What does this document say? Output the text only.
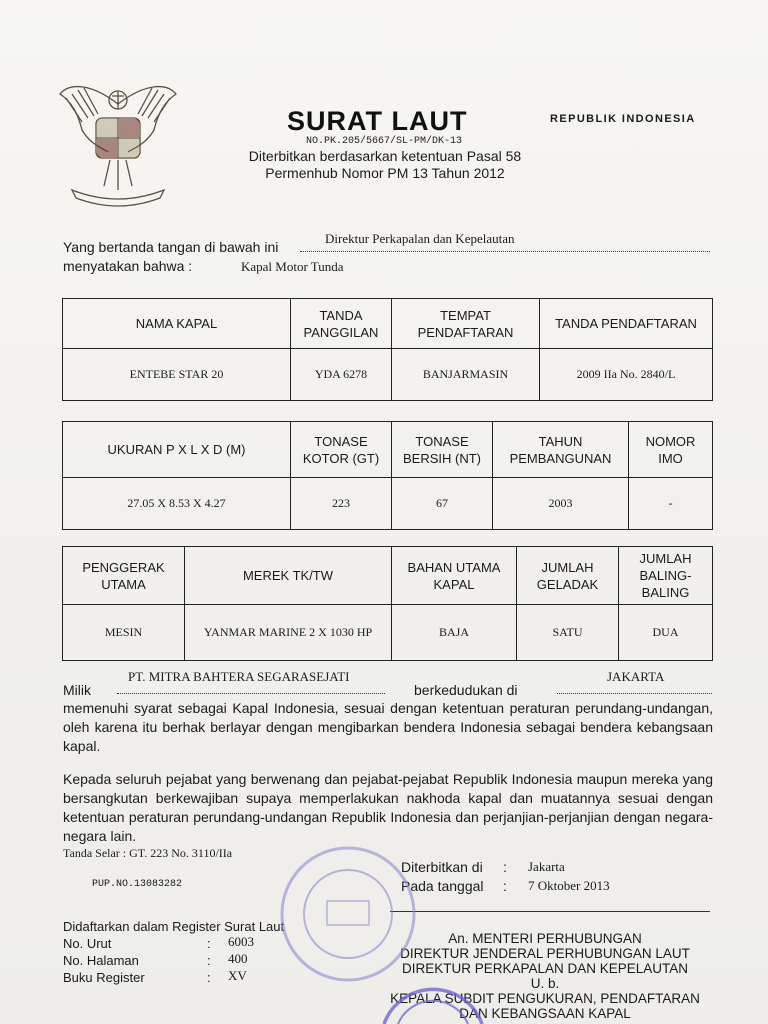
SURAT LAUT
NO.PK.205/5667/SL-PM/DK-13
REPUBLIK INDONESIA
Diterbitkan berdasarkan ketentuan Pasal 58
Permenhub Nomor PM 13 Tahun 2012
Yang bertanda tangan di bawah ini
Direktur Perkapalan dan Kepelautan
menyatakan bahwa :	Kapal Motor Tunda
NAMA KAPAL	TANDA PANGGILAN	TEMPAT PENDAFTARAN	TANDA PENDAFTARAN
ENTEBE STAR 20	YDA 6278	BANJARMASIN	2009 IIa No. 2840/L
UKURAN P X L X D (M)	TONASE KOTOR (GT)	TONASE BERSIH (NT)	TAHUN PEMBANGUNAN	NOMOR IMO
27.05 X 8.53 X 4.27	223	67	2003	-
PENGGERAK UTAMA	MEREK TK/TW	BAHAN UTAMA KAPAL	JUMLAH GELADAK	JUMLAH BALING-BALING
MESIN	YANMAR MARINE 2 X 1030 HP	BAJA	SATU	DUA
PT. MITRA BAHTERA SEGARASEJATI	JAKARTA
Milik	berkedudukan di
memenuhi syarat sebagai Kapal Indonesia, sesuai dengan ketentuan peraturan perundang-undangan, oleh karena itu berhak berlayar dengan mengibarkan bendera Indonesia sebagai bendera kebangsaan kapal.
Kepada seluruh pejabat yang berwenang dan pejabat-pejabat Republik Indonesia maupun mereka yang bersangkutan berkewajiban supaya memperlakukan nakhoda kapal dan muatannya sesuai dengan ketentuan peraturan perundang-undangan Republik Indonesia dan perjanjian-perjanjian dengan negara-negara lain.
Tanda Selar : GT. 223 No. 3110/IIa
PUP.NO.13083282
Diterbitkan di : Jakarta
Pada tanggal : 7 Oktober 2013
Didaftarkan dalam Register Surat Laut
No. Urut	: 6003
No. Halaman	: 400
Buku Register	: XV
An. MENTERI PERHUBUNGAN
DIREKTUR JENDERAL PERHUBUNGAN LAUT
DIREKTUR PERKAPALAN DAN KEPELAUTAN
U. b.
KEPALA SUBDIT PENGUKURAN, PENDAFTARAN
DAN KEBANGSAAN KAPAL
